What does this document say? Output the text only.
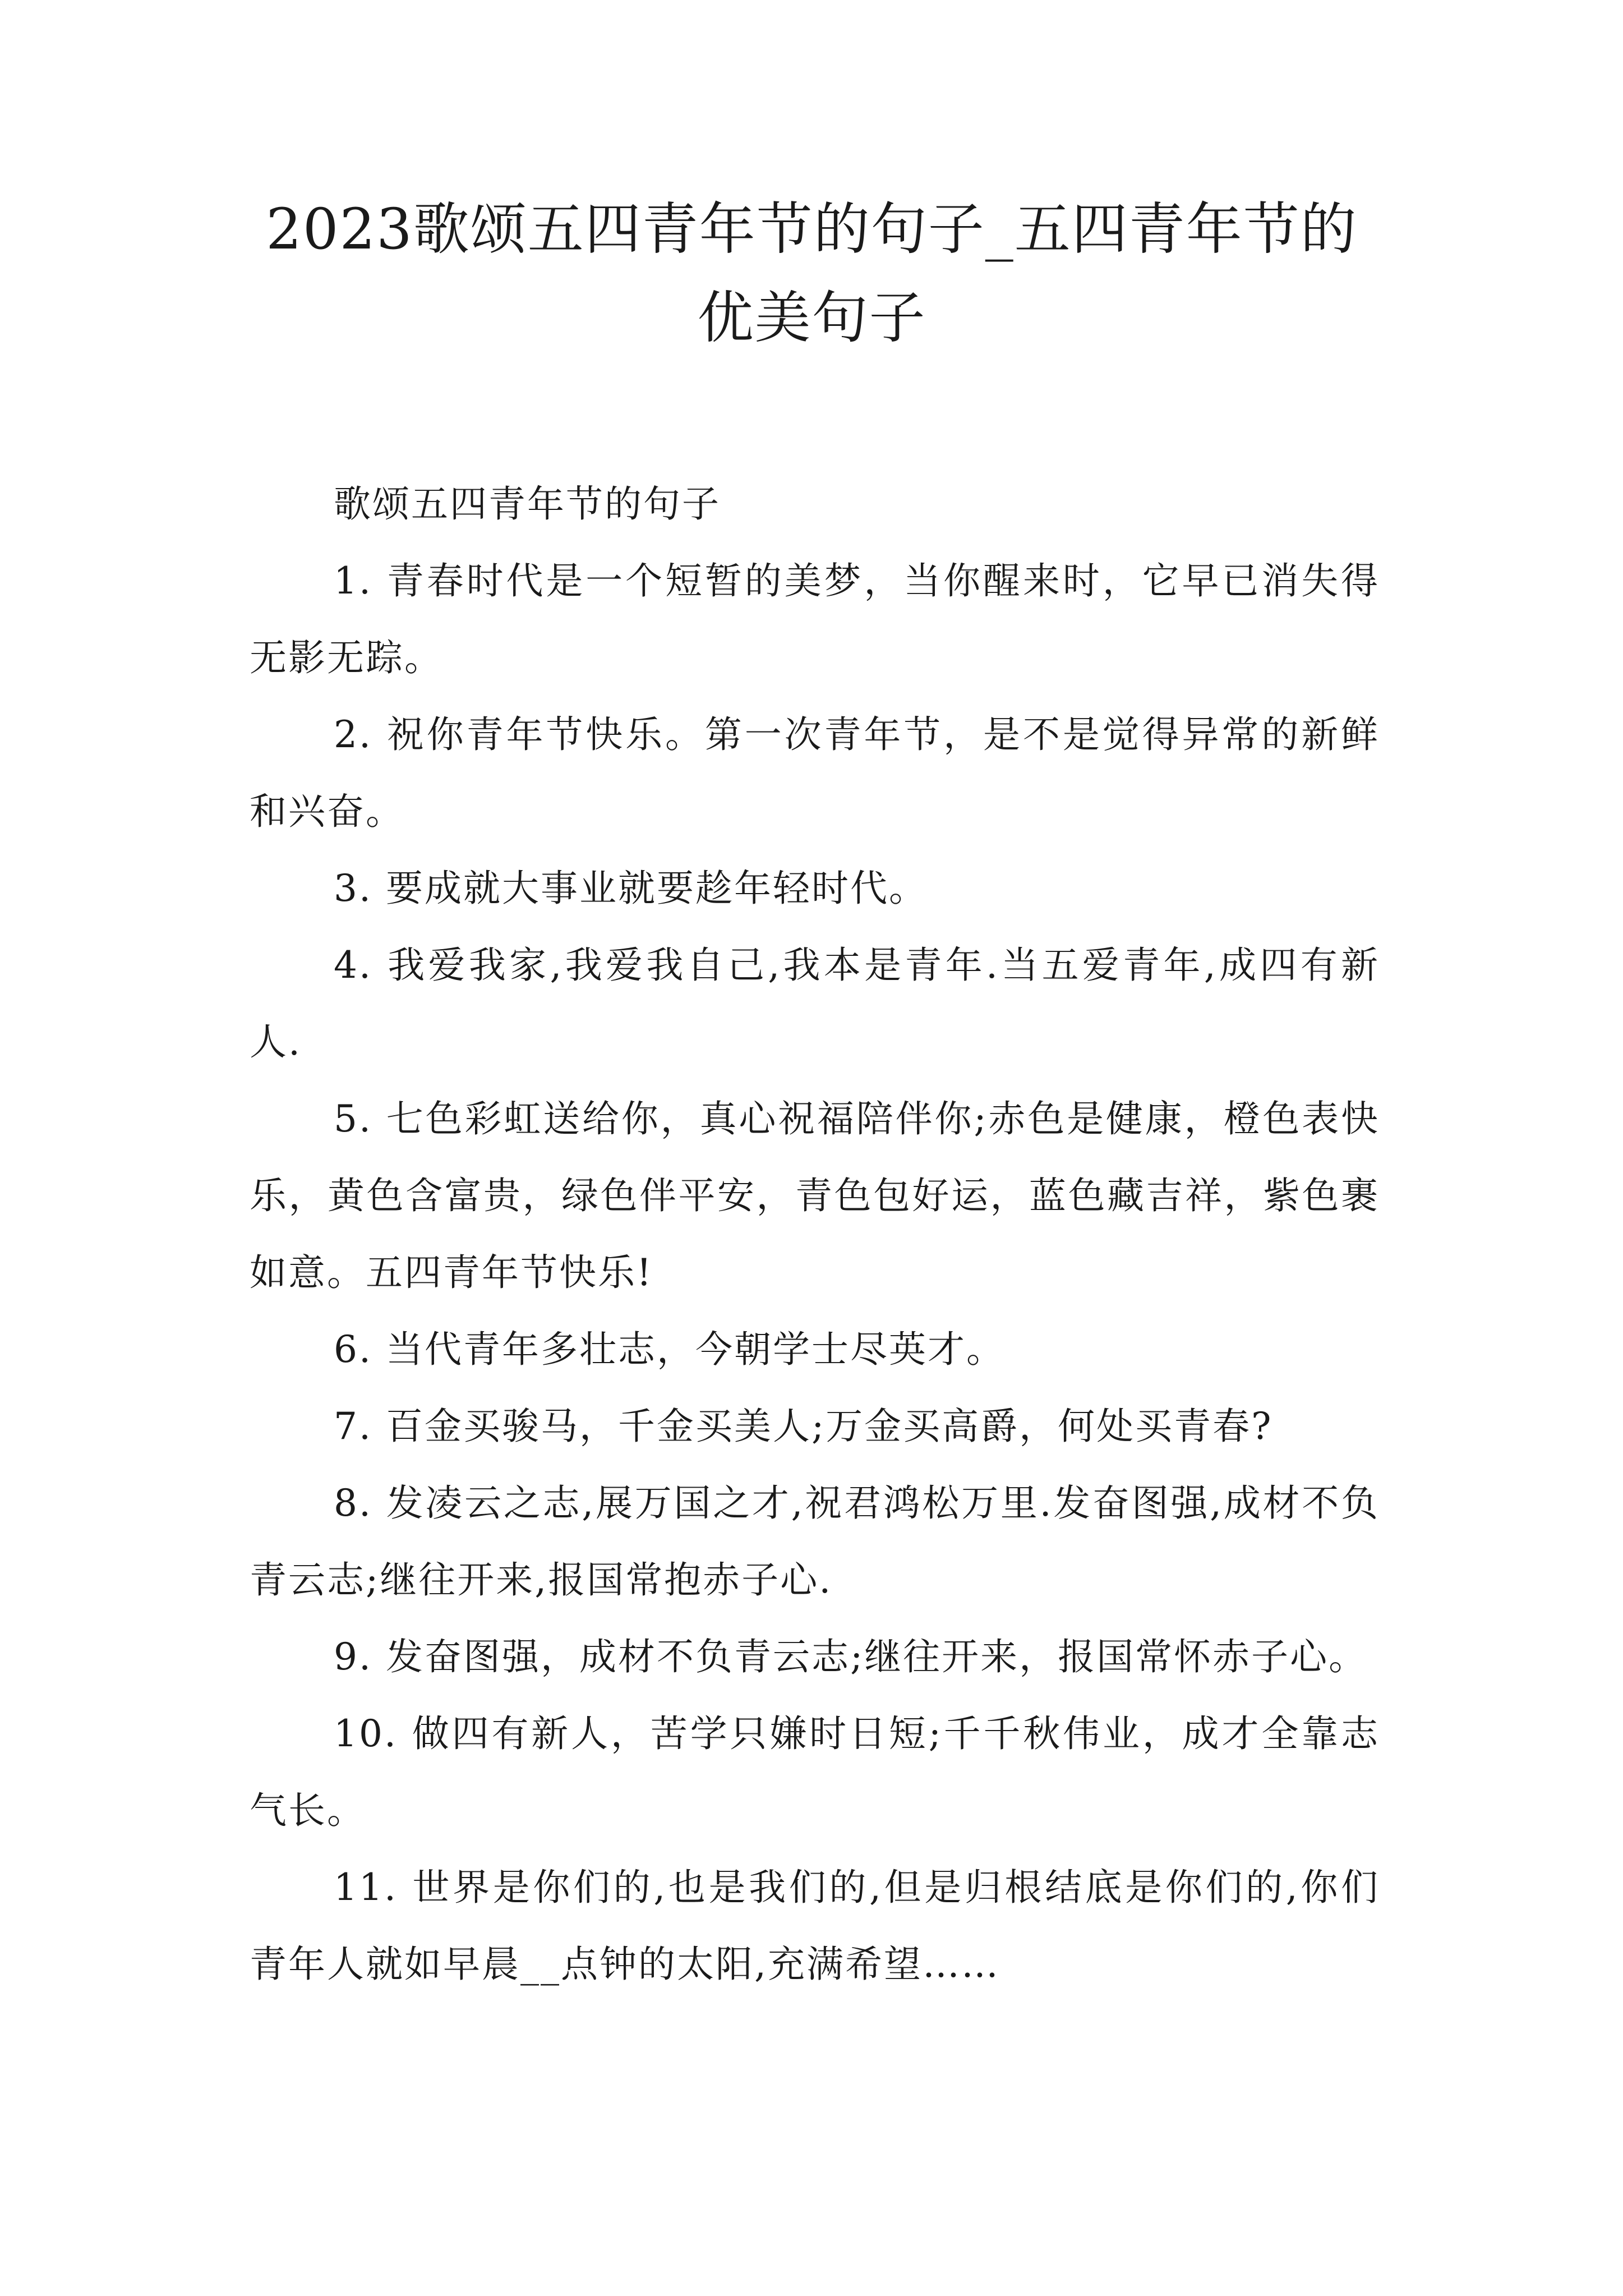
2023歌颂五四青年节的句子_五四青年节的优美句子

歌颂五四青年节的句子

1. 青春时代是一个短暂的美梦，当你醒来时，它早已消失得无影无踪。

2. 祝你青年节快乐。第一次青年节，是不是觉得异常的新鲜和兴奋。

3. 要成就大事业就要趁年轻时代。

4. 我爱我家,我爱我自己,我本是青年.当五爱青年,成四有新人.

5. 七色彩虹送给你，真心祝福陪伴你;赤色是健康，橙色表快乐，黄色含富贵，绿色伴平安，青色包好运，蓝色藏吉祥，紫色裹如意。五四青年节快乐!

6. 当代青年多壮志，今朝学士尽英才。

7. 百金买骏马，千金买美人;万金买高爵，何处买青春?

8. 发凌云之志,展万国之才,祝君鸿松万里.发奋图强,成材不负青云志;继往开来,报国常抱赤子心.

9. 发奋图强，成材不负青云志;继往开来，报国常怀赤子心。

10. 做四有新人，苦学只嫌时日短;千千秋伟业，成才全靠志气长。

11. 世界是你们的,也是我们的,但是归根结底是你们的,你们青年人就如早晨__点钟的太阳,充满希望……
